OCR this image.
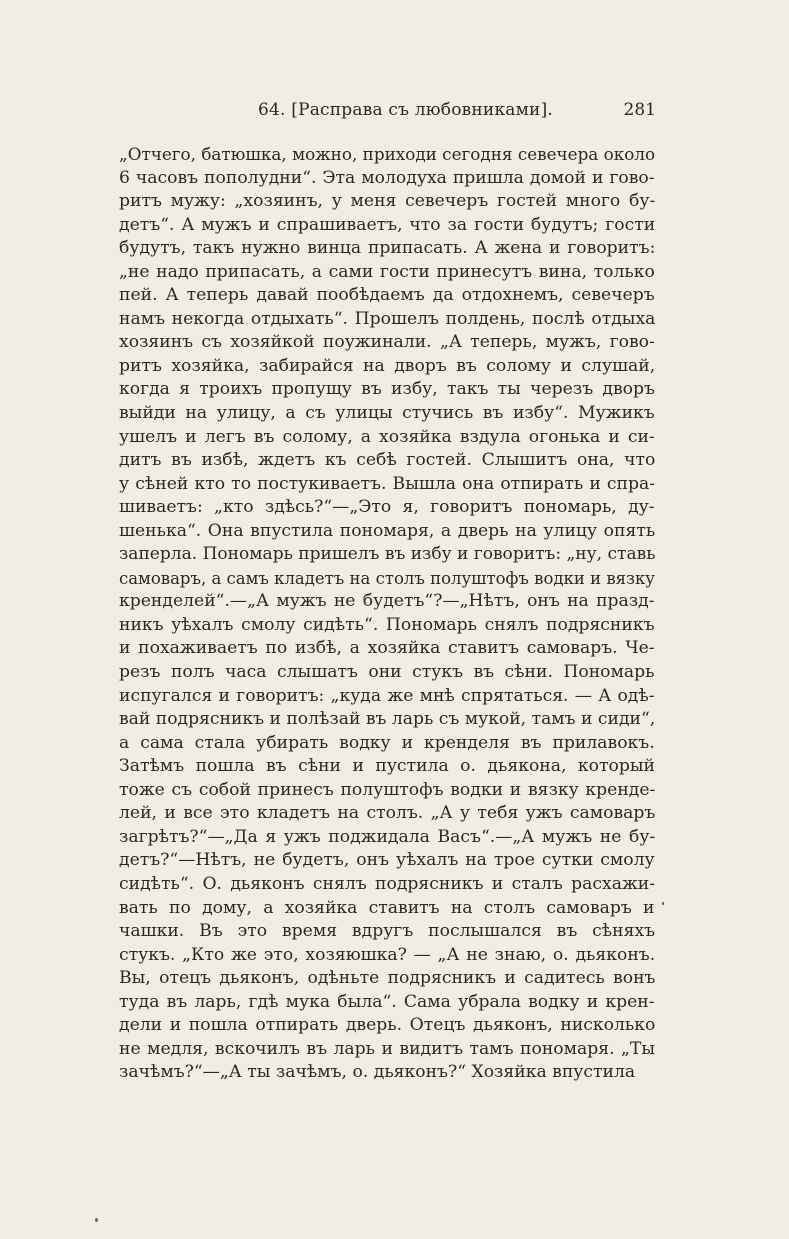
64. [Расправа съ любовниками].	281
„Отчего, батюшка, можно, приходи сегодня севечера около
6 часовъ пополудни“. Эта молодуха пришла домой и гово-
ритъ мужу: „хозяинъ, у меня севечеръ гостей много бу-
детъ“. А мужъ и спрашиваетъ, что за гости будутъ; гости
будутъ, такъ нужно винца припасать. А жена и говоритъ:
„не надо припасать, а сами гости принесутъ вина, только
пей. А теперь давай пообѣдаемъ да отдохнемъ, севечеръ
намъ некогда отдыхать“. Прошелъ полдень, послѣ отдыха
хозяинъ съ хозяйкой поужинали. „А теперь, мужъ, гово-
ритъ хозяйка, забирайся на дворъ въ солому и слушай,
когда я троихъ пропущу въ избу, такъ ты черезъ дворъ
выйди на улицу, а съ улицы стучись въ избу“. Мужикъ
ушелъ и легъ въ солому, а хозяйка вздула огонька и си-
дитъ въ избѣ, ждетъ къ себѣ гостей. Слышитъ она, что
у сѣней кто то постукиваетъ. Вышла она отпирать и спра-
шиваетъ: „кто здѣсь?“—„Это я, говоритъ пономарь, ду-
шенька“. Она впустила пономаря, а дверь на улицу опять
заперла. Пономарь пришелъ въ избу и говоритъ: „ну, ставь
самоваръ, а самъ кладетъ на столъ полуштофъ водки и вязку
кренделей“.—„А мужъ не будетъ“?—„Нѣтъ, онъ на празд-
никъ уѣхалъ смолу сидѣть“. Пономарь снялъ подрясникъ
и похаживаетъ по избѣ, а хозяйка ставитъ самоваръ. Че-
резъ полъ часа слышатъ они стукъ въ сѣни. Пономарь
испугался и говоритъ: „куда же мнѣ спрятаться. — А одѣ-
вай подрясникъ и полѣзай въ ларь съ мукой, тамъ и сиди“,
а сама стала убирать водку и кренделя въ прилавокъ.
Затѣмъ пошла въ сѣни и пустила о. дьякона, который
тоже съ собой принесъ полуштофъ водки и вязку кренде-
лей, и все это кладетъ на столъ. „А у тебя ужъ самоваръ
загрѣтъ?“—„Да я ужъ поджидала Васъ“.—„А мужъ не бу-
детъ?“—Нѣтъ, не будетъ, онъ уѣхалъ на трое сутки смолу
сидѣть“. О. дьяконъ снялъ подрясникъ и сталъ расхажи-
вать по дому, а хозяйка ставитъ на столъ самоваръ и
чашки. Въ это время вдругъ послышался въ сѣняхъ
стукъ. „Кто же это, хозяюшка? — „А не знаю, о. дьяконъ.
Вы, отецъ дьяконъ, одѣньте подрясникъ и садитесь вонъ
туда въ ларь, гдѣ мука была“. Сама убрала водку и крен-
дели и пошла отпирать дверь. Отецъ дьяконъ, нисколько
не медля, вскочилъ въ ларь и видитъ тамъ пономаря. „Ты
зачѣмъ?“—„А ты зачѣмъ, о. дьяконъ?“ Хозяйка впустила
